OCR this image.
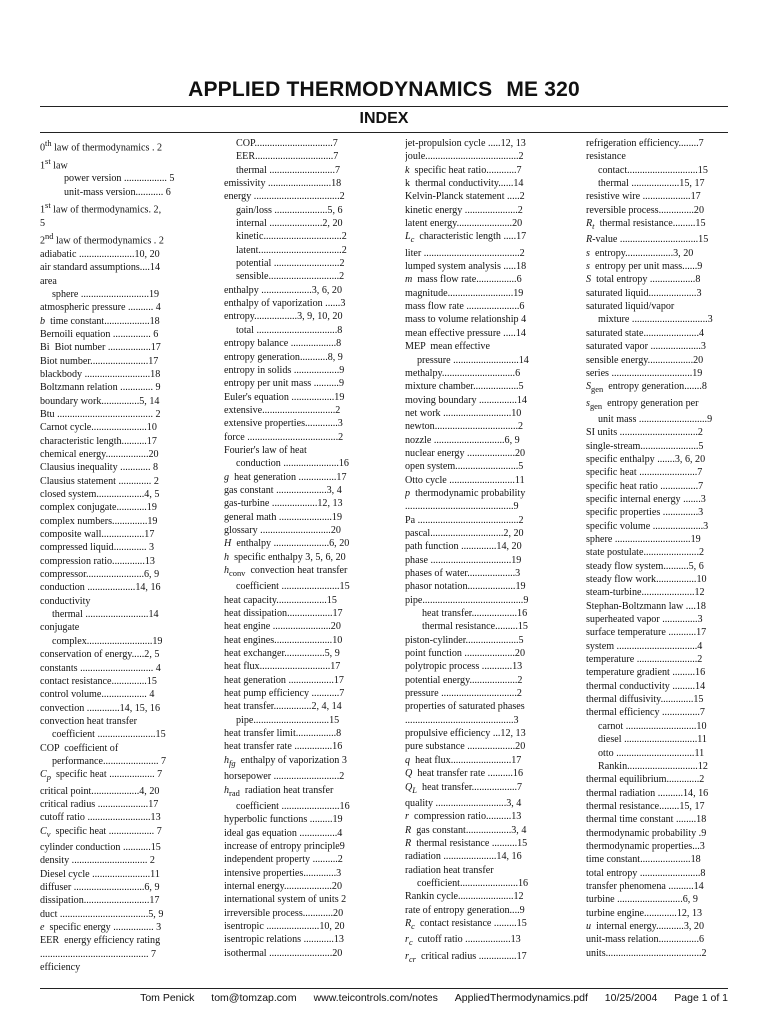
APPLIED THERMODYNAMICS ME 320
INDEX
0th law of thermodynamics . 2
1st law
power version ................. 5
unit-mass version........... 6
1st law of thermodynamics. 2,
5
2nd law of thermodynamics . 2
adiabatic ......................10, 20
air standard assumptions....14
area
sphere ...........................19
atmospheric pressure .......... 4
b  time constant..................18
Bernoili equation ............... 6
Bi  Biot number .................17
Biot number.......................17
blackbody ..........................18
Boltzmann relation ............. 9
boundary work...............5, 14
Btu ...................................... 2
Carnot cycle......................10
characteristic length..........17
chemical energy.................20
Clausius inequality ............ 8
Clausius statement ............. 2
closed system...................4, 5
complex conjugate............19
complex numbers..............19
composite wall.................17
compressed liquid............. 3
compression ratio.............13
compressor.......................6, 9
conduction ...................14, 16
conductivity
thermal .........................14
conjugate
complex..........................19
conservation of energy.....2, 5
constants ............................. 4
contact resistance..............15
control volume.................. 4
convection .............14, 15, 16
convection heat transfer
coefficient .......................15
COP  coefficient of
performance...................... 7
$C_p$  specific heat .................. 7
critical point...................4, 20
critical radius ....................17
cutoff ratio .........................13
$C_v$  specific heat .................. 7
cylinder conduction ...........15
density .............................. 2
Diesel cycle .......................11
diffuser ............................6, 9
dissipation..........................17
duct ...................................5, 9
e  specific energy ................ 3
EER  energy efficiency rating
........................................... 7
efficiency
COP...............................7
EER...............................7
thermal ..........................7
emissivity .........................18
energy ..................................2
gain/loss .....................5, 6
internal .....................2, 20
kinetic...............................2
latent.................................2
potential ..........................2
sensible............................2
enthalpy ....................3, 6, 20
enthalpy of vaporization ......3
entropy.................3, 9, 10, 20
total ................................8
entropy balance ..................8
entropy generation...........8, 9
entropy in solids ..................9
entropy per unit mass ..........9
Euler's equation .................19
extensive.............................2
extensive properties.............3
force ....................................2
Fourier's law of heat
conduction ......................16
g  heat generation ...............17
gas constant ....................3, 4
gas-turbine ..................12, 13
general math .....................19
glossary ............................20
H  enthalpy ......................6, 20
h  specific enthalpy 3, 5, 6, 20
$h_{conv}$  convection heat transfer
coefficient .......................15
heat capacity....................15
heat dissipation..................17
heat engine .......................20
heat engines.......................10
heat exchanger................5, 9
heat flux............................17
heat generation ..................17
heat pump efficiency ...........7
heat transfer...............2, 4, 14
pipe..............................15
heat transfer limit................8
heat transfer rate ...............16
$h_{fg}$  enthalpy of vaporization 3
horsepower ..........................2
$h_{rad}$  radiation heat transfer
coefficient .......................16
hyperbolic functions .........19
ideal gas equation ...............4
increase of entropy principle9
independent property ..........2
intensive properties.............3
internal energy...................20
international system of units 2
irreversible process............20
isentropic .....................10, 20
isentropic relations ............13
isothermal .........................20
jet-propulsion cycle .....12, 13
joule.....................................2
k  specific heat ratio............7
k  thermal conductivity......14
Kelvin-Planck statement .....2
kinetic energy .....................2
latent energy......................20
$L_c$  characteristic length .....17
liter ......................................2
lumped system analysis .....18
m  mass flow rate................6
magnitude..........................19
mass flow rate .....................6
mass to volume relationship 4
mean effective pressure .....14
MEP  mean effective
pressure ..........................14
methalpy.............................6
mixture chamber..................5
moving boundary ...............14
net work ...........................10
newton.................................2
nozzle ............................6, 9
nuclear energy ...................20
open system.........................5
Otto cycle ..........................11
p  thermodynamic probability
...........................................9
Pa ........................................2
pascal.............................2, 20
path function ..............14, 20
phase ................................19
phases of water...................3
phasor notation...................19
pipe........................................9
heat transfer..................16
thermal resistance.........15
piston-cylinder.....................5
point function ....................20
polytropic process ............13
potential energy...................2
pressure ..............................2
properties of saturated phases
...........................................3
propulsive efficiency ...12, 13
pure substance ...................20
q  heat flux........................17
Q  heat transfer rate ..........16
$Q_L$  heat transfer..................7
quality ............................3, 4
r  compression ratio..........13
R  gas constant..................3, 4
R  thermal resistance ..........15
radiation .....................14, 16
radiation heat transfer
coefficient.......................16
Rankin cycle......................12
rate of entropy generation....9
$R_c$  contact resistance .........15
$r_c$  cutoff ratio ..................13
$r_{cr}$  critical radius ...............17
refrigeration efficiency........7
resistance
contact............................15
thermal ...................15, 17
resistive wire ...................17
reversible process..............20
$R_t$  thermal resistance.........15
R-value ...............................15
s  entropy...................3, 20
s  entropy per unit mass......9
S  total entropy ..................8
saturated liquid...................3
saturated liquid/vapor
mixture ..............................3
saturated state......................4
saturated vapor ....................3
sensible energy..................20
series ................................19
$S_{gen}$  entropy generation.......8
$s_{gen}$  entropy generation per
unit mass ...........................9
SI units ...............................2
single-stream.......................5
specific enthalpy .......3, 6, 20
specific heat .......................7
specific heat ratio ...............7
specific internal energy .......3
specific properties ..............3
specific volume ....................3
sphere ..............................19
state postulate......................2
steady flow system..........5, 6
steady flow work................10
steam-turbine.....................12
Stephan-Boltzmann law ....18
superheated vapor ..............3
surface temperature ...........17
system ................................4
temperature ........................2
temperature gradient .........16
thermal conductivity .........14
thermal diffusivity.............15
thermal efficiency ...............7
carnot ............................10
diesel .............................11
otto ...............................11
Rankin............................12
thermal equilibrium.............2
thermal radiation ..........14, 16
thermal resistance........15, 17
thermal time constant ........18
thermodynamic probability .9
thermodynamic properties...3
time constant....................18
total entropy ........................8
transfer phenomena ..........14
turbine ..........................6, 9
turbine engine.............12, 13
u  internal energy...........3, 20
unit-mass relation................6
units......................................2
Tom Penick tom@tomzap.com www.teicontrols.com/notes AppliedThermodynamics.pdf 10/25/2004 Page 1 of 1
